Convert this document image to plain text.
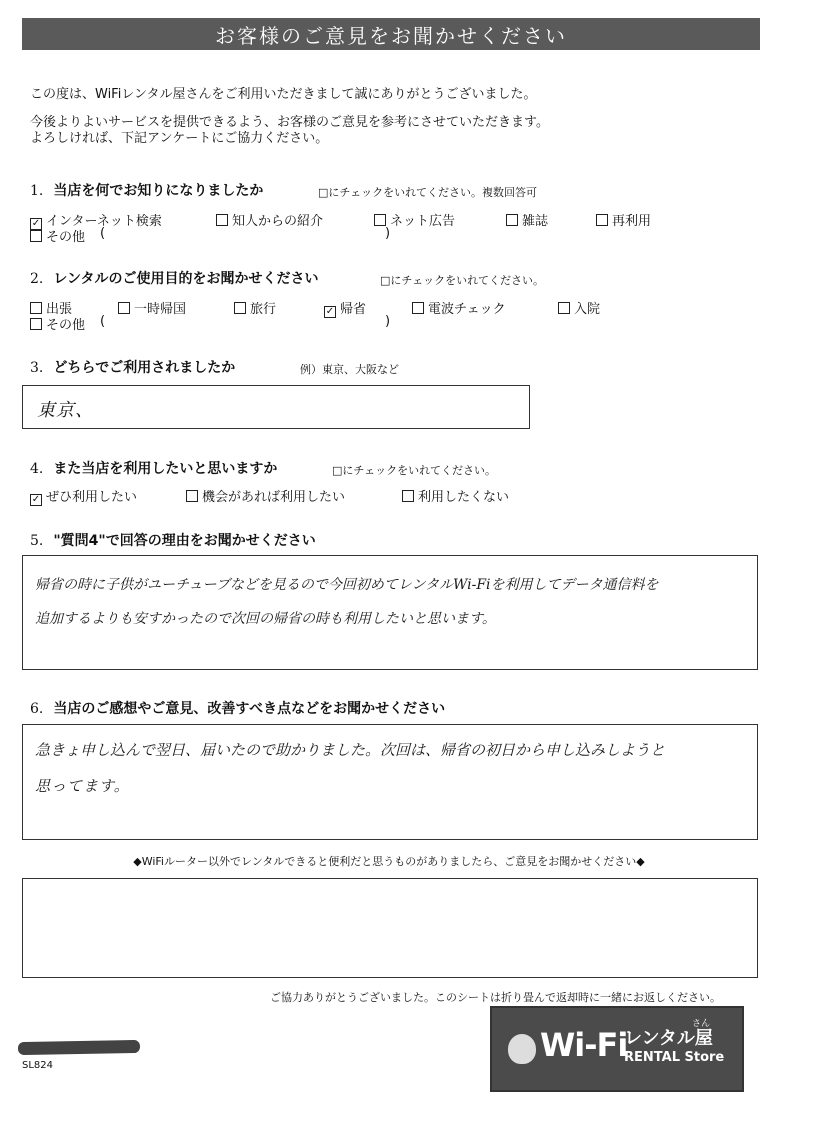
お客様のご意見をお聞かせください
この度は、WiFiレンタル屋さんをご利用いただきまして誠にありがとうございました。
今後よりよいサービスを提供できるよう、お客様のご意見を参考にさせていただきます。
よろしければ、下記アンケートにご協力ください。
1. 当店を何でお知りになりましたか	□にチェックをいれてください。複数回答可
✓ インターネット検索	知人からの紹介	ネット広告	雑誌	再利用
その他 (	)
2. レンタルのご使用目的をお聞かせください	□にチェックをいれてください。
出張	一時帰国	旅行	✓ 帰省	電波チェック	入院
その他 (	)
3. どちらでご利用されましたか	例）東京、大阪など
東京、
4. また当店を利用したいと思いますか	□にチェックをいれてください。
✓ ぜひ利用したい	機会があれば利用したい	利用したくない
5. "質問4"で回答の理由をお聞かせください
帰省の時に子供がユーチューブなどを見るので今回初めてレンタルWi-Fiを利用してデータ通信料を
追加するよりも安すかったので次回の帰省の時も利用したいと思います。
6. 当店のご感想やご意見、改善すべき点などをお聞かせください
急きょ申し込んで翌日、届いたので助かりました。次回は、帰省の初日から申し込みしようと
思ってます。
◆WiFiルーター以外でレンタルできると便利だと思うものがありましたら、ご意見をお聞かせください◆
ご協力ありがとうございました。このシートは折り畳んで返却時に一緒にお返しください。
SL824
Wi-Fi
レンタル屋
さん
RENTAL Store
